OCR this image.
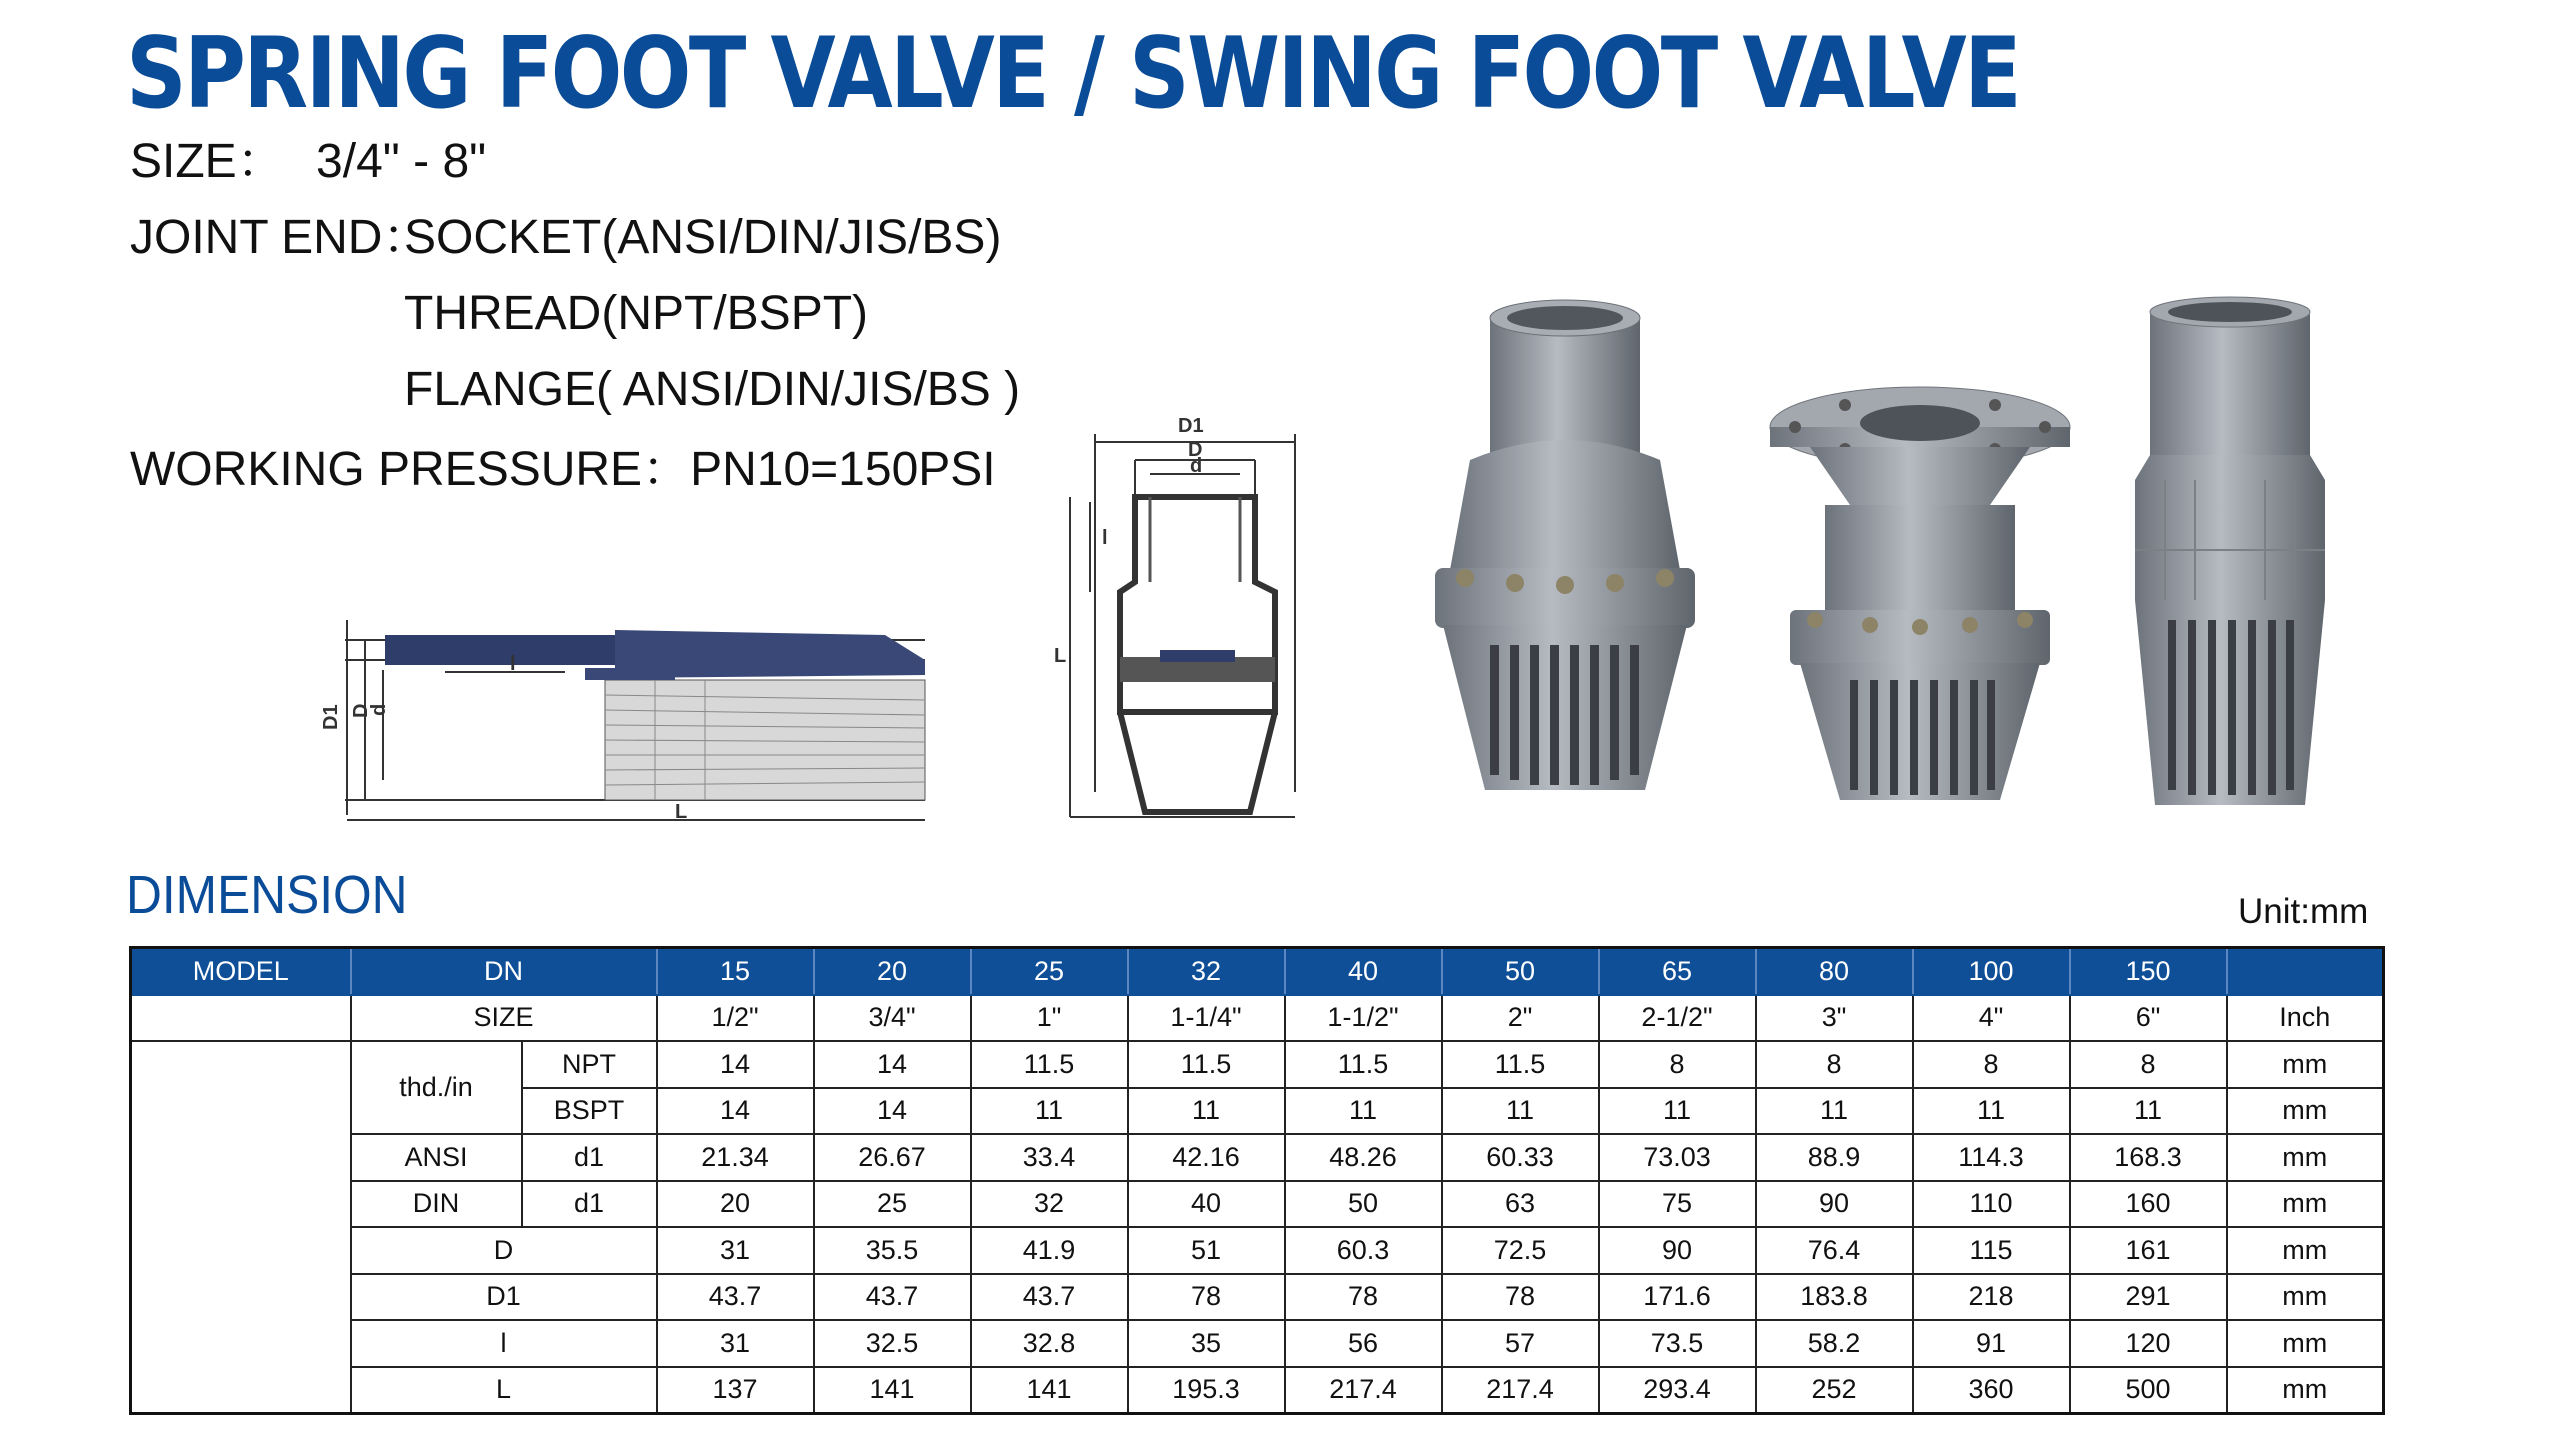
SPRING FOOT VALVE / SWING FOOT VALVE
SIZE： 3/4" - 8"
JOINT END：
SOCKET(ANSI/DIN/JIS/BS)
THREAD(NPT/BSPT)
FLANGE( ANSI/DIN/JIS/BS )
WORKING PRESSURE：PN10=150PSI
D1 D
d
l
L
D1
D
d
l
L
DIMENSION	Unit:mm
MODEL	DN		15	20	25	32	40	50	65	80	100	150	
	SIZE		1/2"	3/4"	1"	1-1/4"	1-1/2"	2"	2-1/2"	3"	4"	6"	Inch
	thd./in	NPT	14	14	11.5	11.5	11.5	11.5	8	8	8	8	mm
		BSPT	14	14	11	11	11	11	11	11	11	11	mm
	ANSI	d1	21.34	26.67	33.4	42.16	48.26	60.33	73.03	88.9	114.3	168.3	mm
	DIN	d1	20	25	32	40	50	63	75	90	110	160	mm
	D		31	35.5	41.9	51	60.3	72.5	90	76.4	115	161	mm
	D1		43.7	43.7	43.7	78	78	78	171.6	183.8	218	291	mm
	l		31	32.5	32.8	35	56	57	73.5	58.2	91	120	mm
	L		137	141	141	195.3	217.4	217.4	293.4	252	360	500	mm
